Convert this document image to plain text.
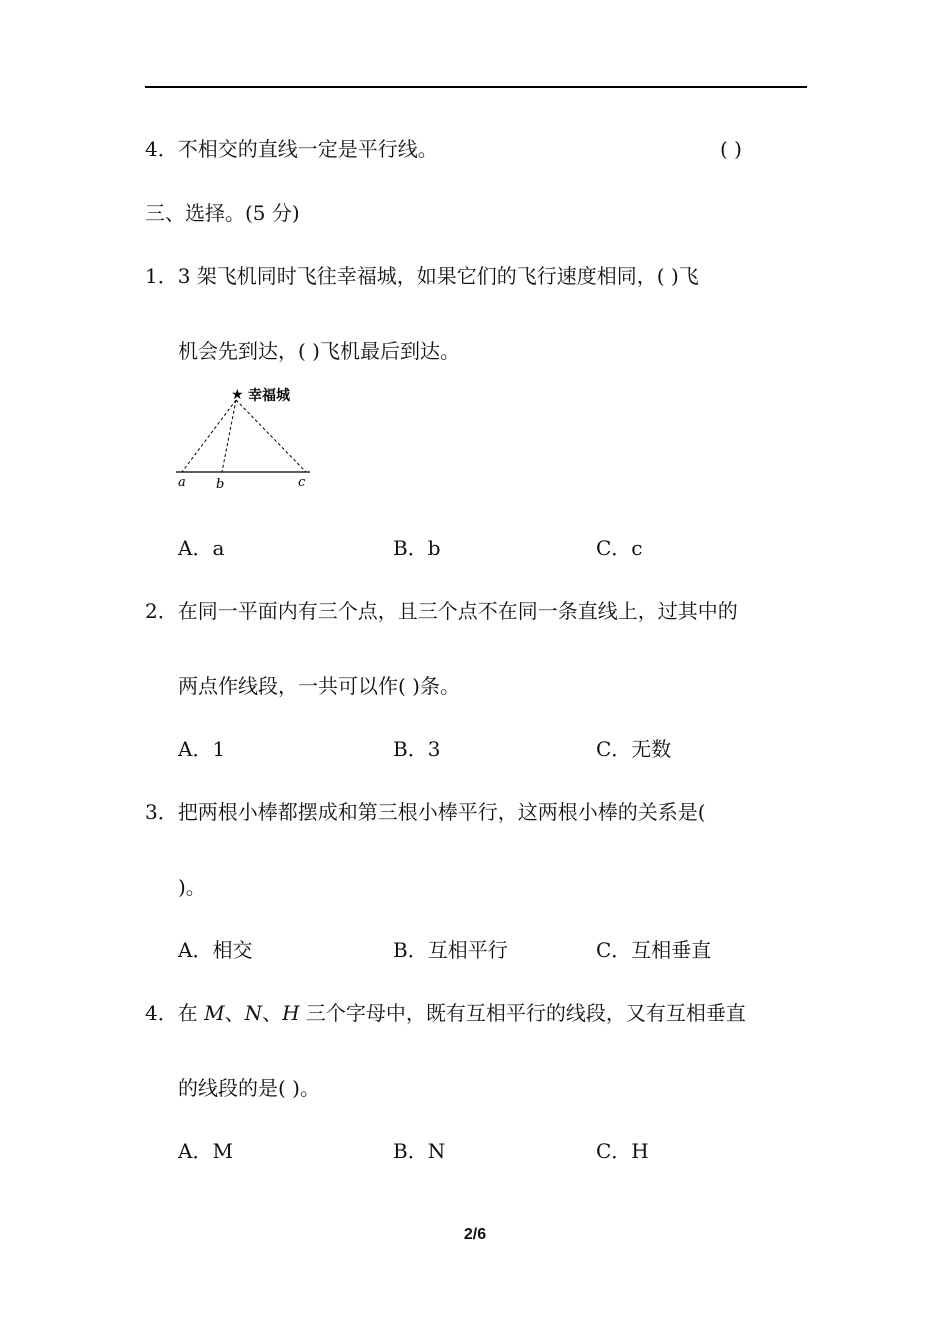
4．不相交的直线一定是平行线。	( )
三、选择。(5 分)
1．3 架飞机同时飞往幸福城，如果它们的飞行速度相同，( )飞
机会先到达，( )飞机最后到达。
★ 幸福城
a b	c
A．a	B．b	C．c
2．在同一平面内有三个点，且三个点不在同一条直线上，过其中的
两点作线段，一共可以作( )条。
A．1	B．3	C．无数
3．把两根小棒都摆成和第三根小棒平行，这两根小棒的关系是(
)。
A．相交	B．互相平行	C．互相垂直
4．在 M、N、H 三个字母中，既有互相平行的线段，又有互相垂直
的线段的是( )。
A．M	B．N	C．H
2/6
